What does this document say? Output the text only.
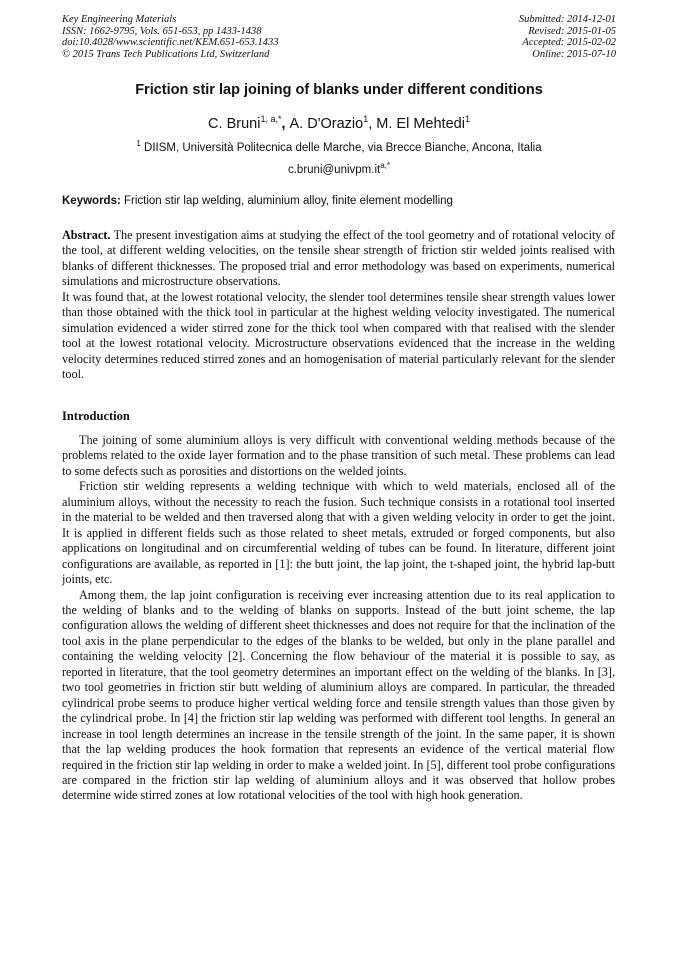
Key Engineering Materials
ISSN: 1662-9795, Vols. 651-653, pp 1433-1438
doi:10.4028/www.scientific.net/KEM.651-653.1433
© 2015 Trans Tech Publications Ltd, Switzerland
Submitted: 2014-12-01
Revised: 2015-01-05
Accepted: 2015-02-02
Online: 2015-07-10
Friction stir lap joining of blanks under different conditions
C. Bruni$^{1, a,*}$, A. D'Orazio$^1$, M. El Mehtedi$^1$
$^1$ DIISM, Università Politecnica delle Marche, via Brecce Bianche, Ancona, Italia
$c.bruni@univpm.it^{a,*}$
Keywords: Friction stir lap welding, aluminium alloy, finite element modelling

Abstract. The present investigation aims at studying the effect of the tool geometry and of rotational velocity of the tool, at different welding velocities, on the tensile shear strength of friction stir welded joints realised with blanks of different thicknesses. The proposed trial and error methodology was based on experiments, numerical simulations and microstructure observations.

It was found that, at the lowest rotational velocity, the slender tool determines tensile shear strength values lower than those obtained with the thick tool in particular at the highest welding velocity investigated. The numerical simulation evidenced a wider stirred zone for the thick tool when compared with that realised with the slender tool at the lowest rotational velocity. Microstructure observations evidenced that the increase in the welding velocity determines reduced stirred zones and an homogenisation of material particularly relevant for the slender tool.

Introduction

The joining of some aluminium alloys is very difficult with conventional welding methods because of the problems related to the oxide layer formation and to the phase transition of such metal. These problems can lead to some defects such as porosities and distortions on the welded joints.

Friction stir welding represents a welding technique with which to weld materials, enclosed all of the aluminium alloys, without the necessity to reach the fusion. Such technique consists in a rotational tool inserted in the material to be welded and then traversed along that with a given welding velocity in order to get the joint. It is applied in different fields such as those related to sheet metals, extruded or forged components, but also applications on longitudinal and on circumferential welding of tubes can be found. In literature, different joint configurations are available, as reported in [1]: the butt joint, the lap joint, the t-shaped joint, the hybrid lap-butt joints, etc.

Among them, the lap joint configuration is receiving ever increasing attention due to its real application to the welding of blanks and to the welding of blanks on supports. Instead of the butt joint scheme, the lap configuration allows the welding of different sheet thicknesses and does not require for that the inclination of the tool axis in the plane perpendicular to the edges of the blanks to be welded, but only in the plane parallel and containing the welding velocity [2]. Concerning the flow behaviour of the material it is possible to say, as reported in literature, that the tool geometry determines an important effect on the welding of the blanks. In [3], two tool geometries in friction stir butt welding of aluminium alloys are compared. In particular, the threaded cylindrical probe seems to produce higher vertical welding force and tensile strength values than those given by the cylindrical probe. In [4] the friction stir lap welding was performed with different tool lengths. In general an increase in tool length determines an increase in the tensile strength of the joint. In the same paper, it is shown that the lap welding produces the hook formation that represents an evidence of the vertical material flow required in the friction stir lap welding in order to make a welded joint. In [5], different tool probe configurations are compared in the friction stir lap welding of aluminium alloys and it was observed that hollow probes determine wide stirred zones at low rotational velocities of the tool with high hook generation.
